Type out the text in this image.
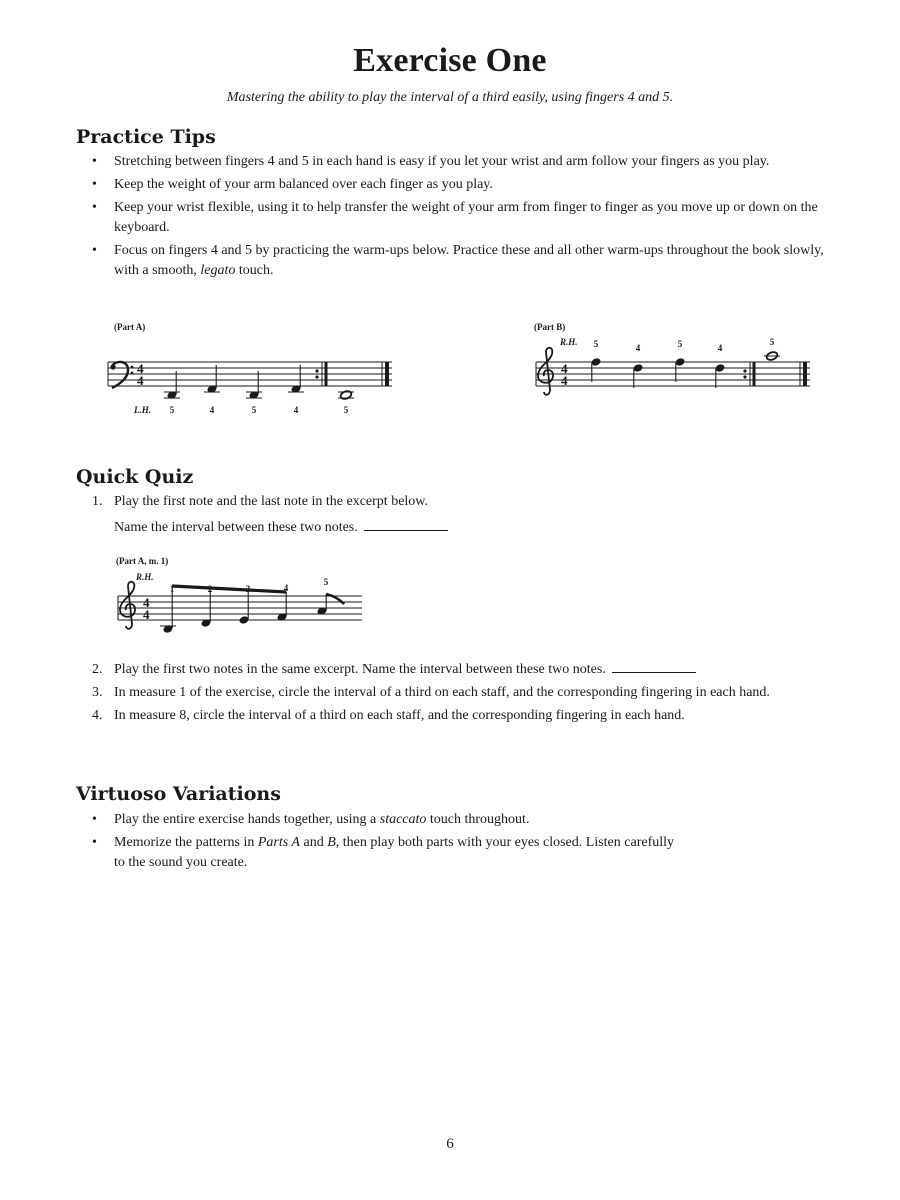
Exercise One
Mastering the ability to play the interval of a third easily, using fingers 4 and 5.
Practice Tips
• Stretching between fingers 4 and 5 in each hand is easy if you let your wrist and arm follow your fingers as you play.
• Keep the weight of your arm balanced over each finger as you play.
• Keep your wrist flexible, using it to help transfer the weight of your arm from finger to finger as you move up or down on the keyboard.
• Focus on fingers 4 and 5 by practicing the warm-ups below. Practice these and all other warm-ups throughout the book slowly, with a smooth, legato touch.
(Part A)
4
4
L.H. 5	4	5	4	5
(Part B)
R.H.
4
4
5	4	5	4
5
Quick Quiz
1. Play the first note and the last note in the excerpt below.
Name the interval between these two notes.
(Part A, m. 1)
R.H.
4
4
1	2	3	4
5
2. Play the first two notes in the same excerpt. Name the interval between these two notes.
3. In measure 1 of the exercise, circle the interval of a third on each staff, and the corresponding fingering in each hand.
4. In measure 8, circle the interval of a third on each staff, and the corresponding fingering in each hand.
Virtuoso Variations
• Play the entire exercise hands together, using a staccato touch throughout.
• Memorize the patterns in Parts A and B, then play both parts with your eyes closed. Listen carefully to the sound you create.
6
